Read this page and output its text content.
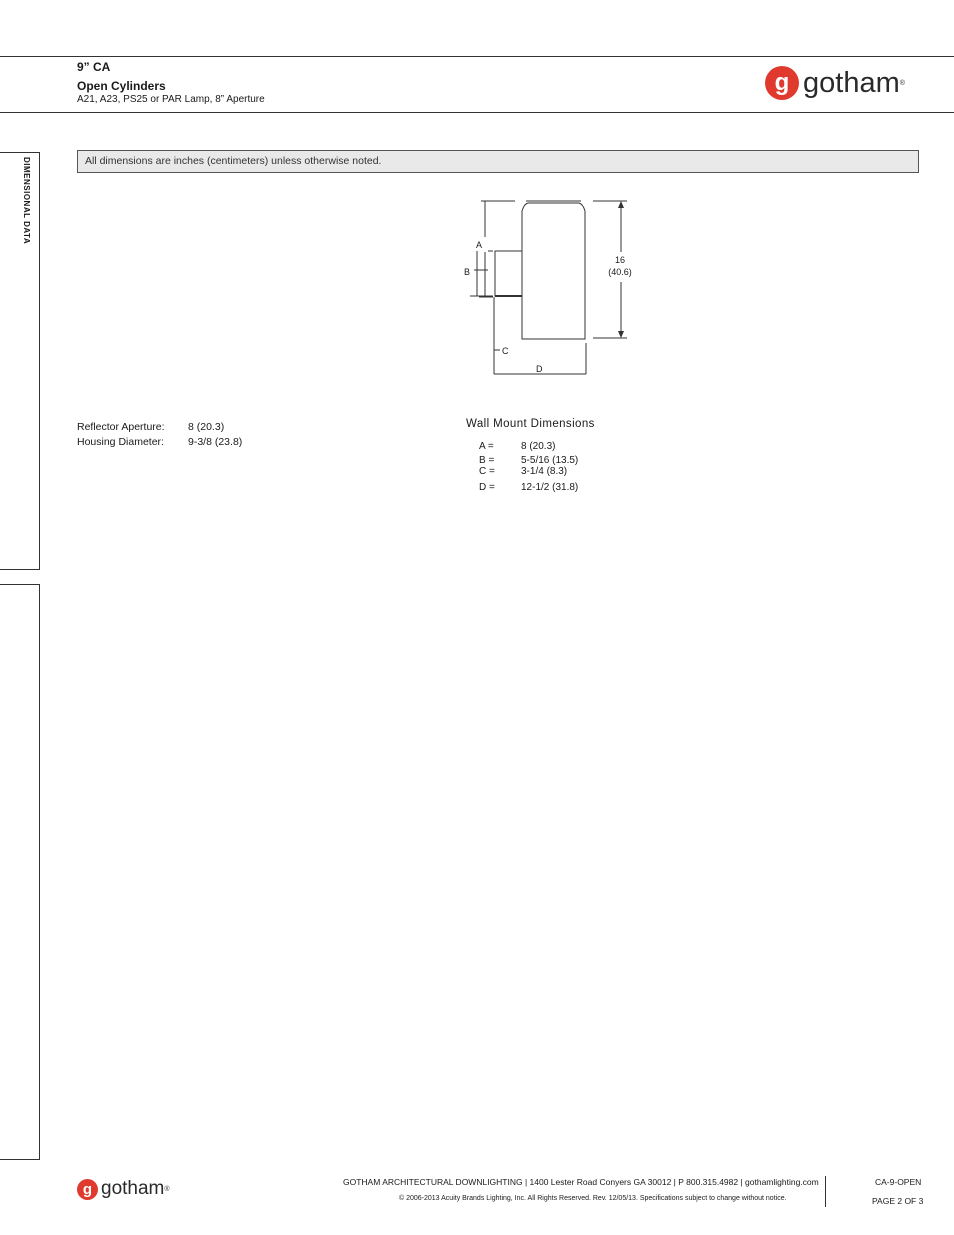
9” CA
Open Cylinders
A21, A23, PS25 or PAR Lamp, 8” Aperture
g gotham ®
DIMENSIONAL DATA	All dimensions are inches (centimeters) unless otherwise noted.
A
B
C
D
16
(40.6)
Reflector Aperture:	8 (20.3)
Housing Diameter:	9-3/8 (23.8)
Wall Mount Dimensions
A =	8 (20.3)
B =	5-5/16 (13.5)
C =	3-1/4 (8.3)
D =	12-1/2 (31.8)
g gotham ®
GOTHAM ARCHITECTURAL DOWNLIGHTING | 1400 Lester Road Conyers GA 30012 | P 800.315.4982 | gothamlighting.com
© 2006-2013 Acuity Brands Lighting, Inc. All Rights Reserved. Rev. 12/05/13. Specifications subject to change without notice.
CA-9-OPEN
PAGE 2 OF 3
